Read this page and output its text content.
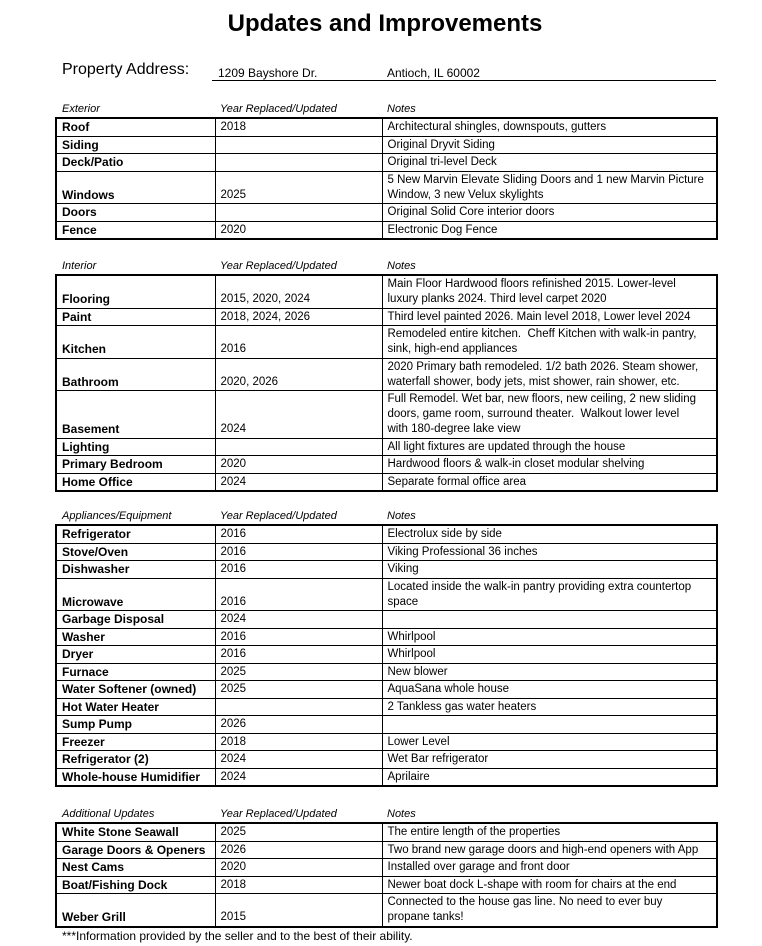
Updates and Improvements
Property Address: 1209 Bayshore Dr.	Antioch, IL 60002
Exterior	Year Replaced/Updated	Notes
Roof	2018	Architectural shingles, downspouts, gutters
Siding		Original Dryvit Siding
Deck/Patio		Original tri-level Deck
Windows	2025	5 New Marvin Elevate Sliding Doors and 1 new Marvin Picture
Window, 3 new Velux skylights
Doors		Original Solid Core interior doors
Fence	2020	Electronic Dog Fence
Interior	Year Replaced/Updated	Notes
Flooring	2015, 2020, 2024	Main Floor Hardwood floors refinished 2015. Lower-level
luxury planks 2024. Third level carpet 2020
Paint	2018, 2024, 2026	Third level painted 2026. Main level 2018, Lower level 2024
Kitchen	2016	Remodeled entire kitchen.  Cheff Kitchen with walk-in pantry,
sink, high-end appliances
Bathroom	2020, 2026	2020 Primary bath remodeled. 1/2 bath 2026. Steam shower,
waterfall shower, body jets, mist shower, rain shower, etc.
Basement	2024	Full Remodel. Wet bar, new floors, new ceiling, 2 new sliding
doors, game room, surround theater.  Walkout lower level
with 180-degree lake view
Lighting		All light fixtures are updated through the house
Primary Bedroom	2020	Hardwood floors & walk-in closet modular shelving
Home Office	2024	Separate formal office area
Appliances/Equipment	Year Replaced/Updated	Notes
Refrigerator	2016	Electrolux side by side
Stove/Oven	2016	Viking Professional 36 inches
Dishwasher	2016	Viking
Microwave	2016	Located inside the walk-in pantry providing extra countertop
space
Garbage Disposal	2024	
Washer	2016	Whirlpool
Dryer	2016	Whirlpool
Furnace	2025	New blower
Water Softener (owned)	2025	AquaSana whole house
Hot Water Heater		2 Tankless gas water heaters
Sump Pump	2026	
Freezer	2018	Lower Level
Refrigerator (2)	2024	Wet Bar refrigerator
Whole-house Humidifier	2024	Aprilaire
Additional Updates	Year Replaced/Updated	Notes
White Stone Seawall	2025	The entire length of the properties
Garage Doors & Openers	2026	Two brand new garage doors and high-end openers with App
Nest Cams	2020	Installed over garage and front door
Boat/Fishing Dock	2018	Newer boat dock L-shape with room for chairs at the end
Weber Grill	2015	Connected to the house gas line. No need to ever buy
propane tanks!
***Information provided by the seller and to the best of their ability.
